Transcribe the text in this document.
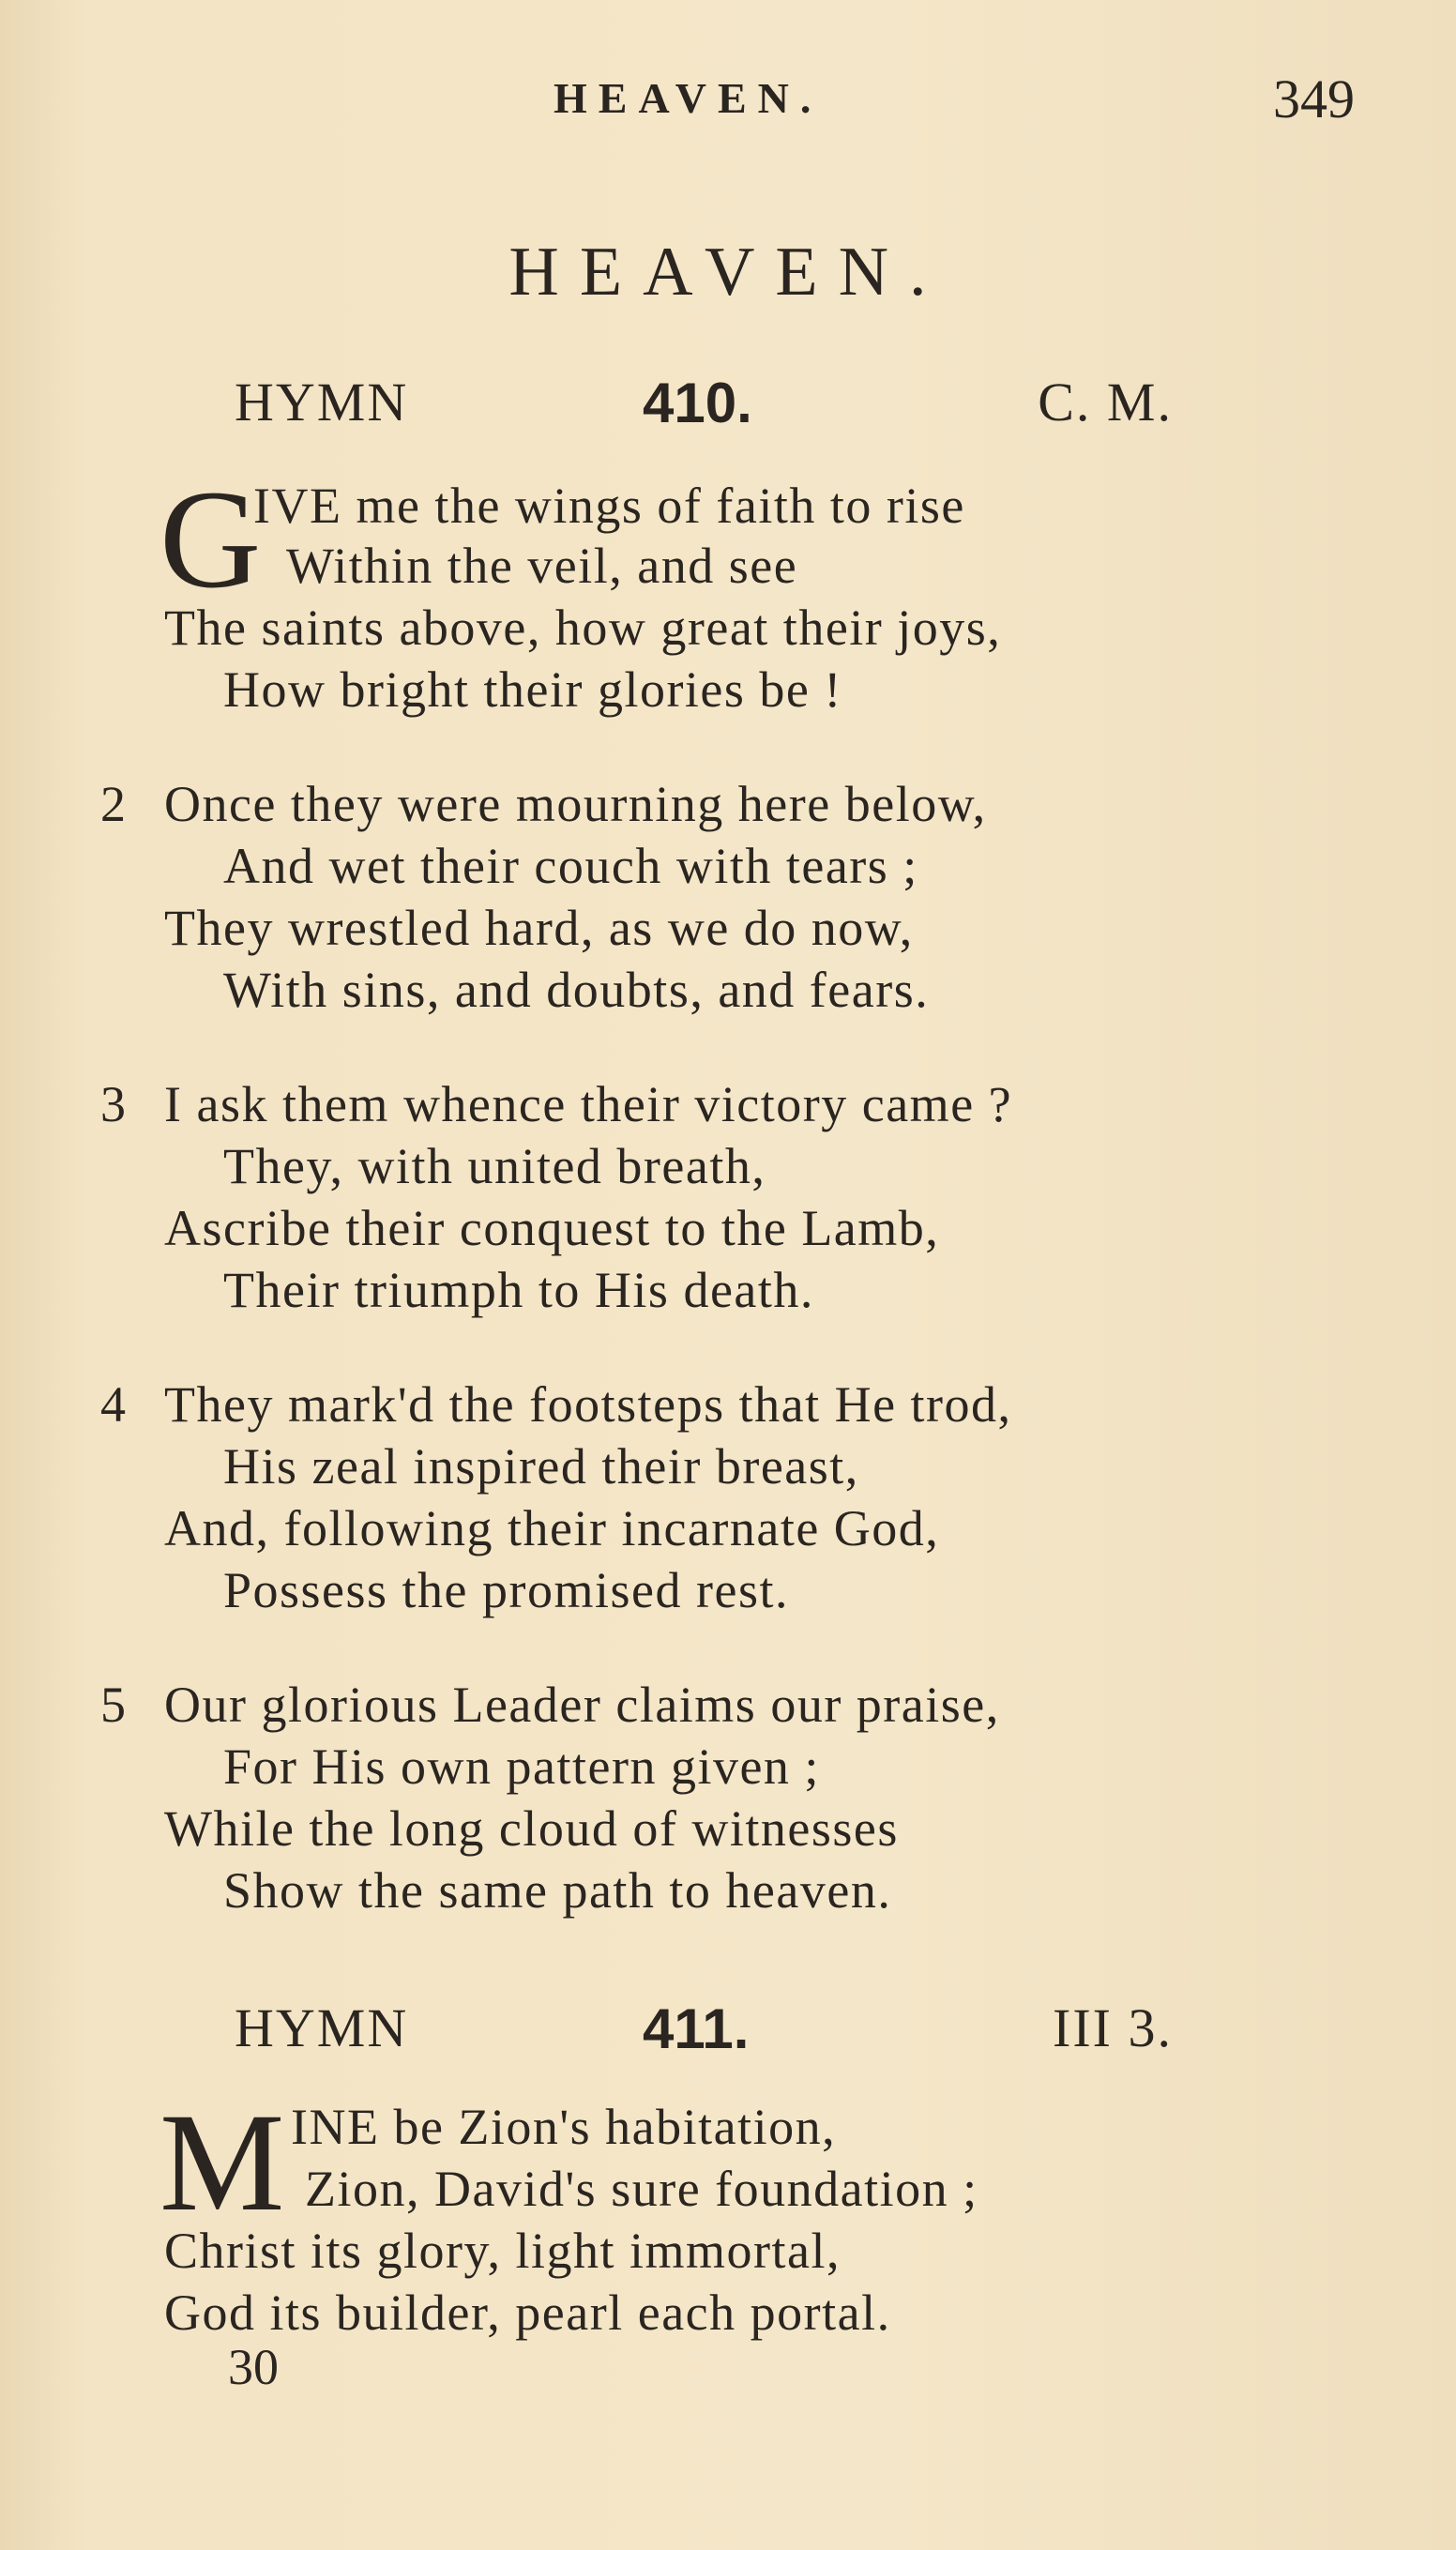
HEAVEN.	349
HEAVEN.
HYMN	410.	C. M.
G
IVE me the wings of faith to rise
Within the veil, and see
The saints above, how great their joys,
How bright their glories be !
2 Once they were mourning here below,
And wet their couch with tears ;
They wrestled hard, as we do now,
With sins, and doubts, and fears.
3 I ask them whence their victory came ?
They, with united breath,
Ascribe their conquest to the Lamb,
Their triumph to His death.
4 They mark'd the footsteps that He trod,
His zeal inspired their breast,
And, following their incarnate God,
Possess the promised rest.
5 Our glorious Leader claims our praise,
For His own pattern given ;
While the long cloud of witnesses
Show the same path to heaven.
HYMN	411.	III 3.
M INE be Zion's habitation,
Zion, David's sure foundation ;
Christ its glory, light immortal,
God its builder, pearl each portal.
30
